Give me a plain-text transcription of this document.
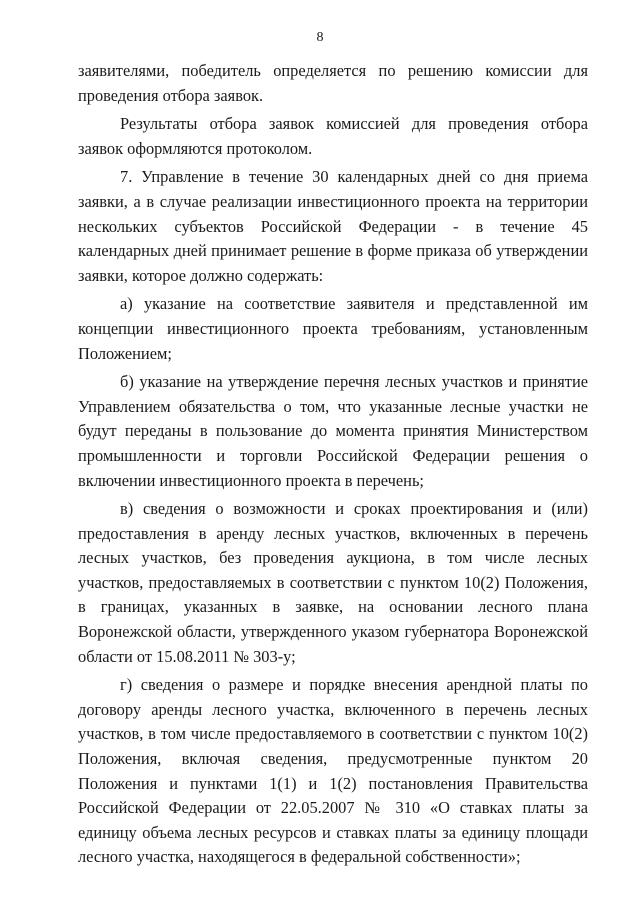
8

заявителями, победитель определяется по решению комиссии для проведения отбора заявок.

Результаты отбора заявок комиссией для проведения отбора заявок оформляются протоколом.

7. Управление в течение 30 календарных дней со дня приема заявки, а в случае реализации инвестиционного проекта на территории нескольких субъектов Российской Федерации - в течение 45 календарных дней принимает решение в форме приказа об утверждении заявки, которое должно содержать:

а) указание на соответствие заявителя и представленной им концепции инвестиционного проекта требованиям, установленным Положением;

б) указание на утверждение перечня лесных участков и принятие Управлением обязательства о том, что указанные лесные участки не будут переданы в пользование до момента принятия Министерством промышленности и торговли Российской Федерации решения о включении инвестиционного проекта в перечень;

в) сведения о возможности и сроках проектирования и (или) предоставления в аренду лесных участков, включенных в перечень лесных участков, без проведения аукциона, в том числе лесных участков, предоставляемых в соответствии с пунктом 10(2) Положения, в границах, указанных в заявке, на основании лесного плана Воронежской области, утвержденного указом губернатора Воронежской области от 15.08.2011 № 303-у;

г) сведения о размере и порядке внесения арендной платы по договору аренды лесного участка, включенного в перечень лесных участков, в том числе предоставляемого в соответствии с пунктом 10(2) Положения, включая сведения, предусмотренные пунктом 20 Положения и пунктами 1(1) и 1(2) постановления Правительства Российской Федерации от 22.05.2007 № 310 «О ставках платы за единицу объема лесных ресурсов и ставках платы за единицу площади лесного участка, находящегося в федеральной собственности»;
